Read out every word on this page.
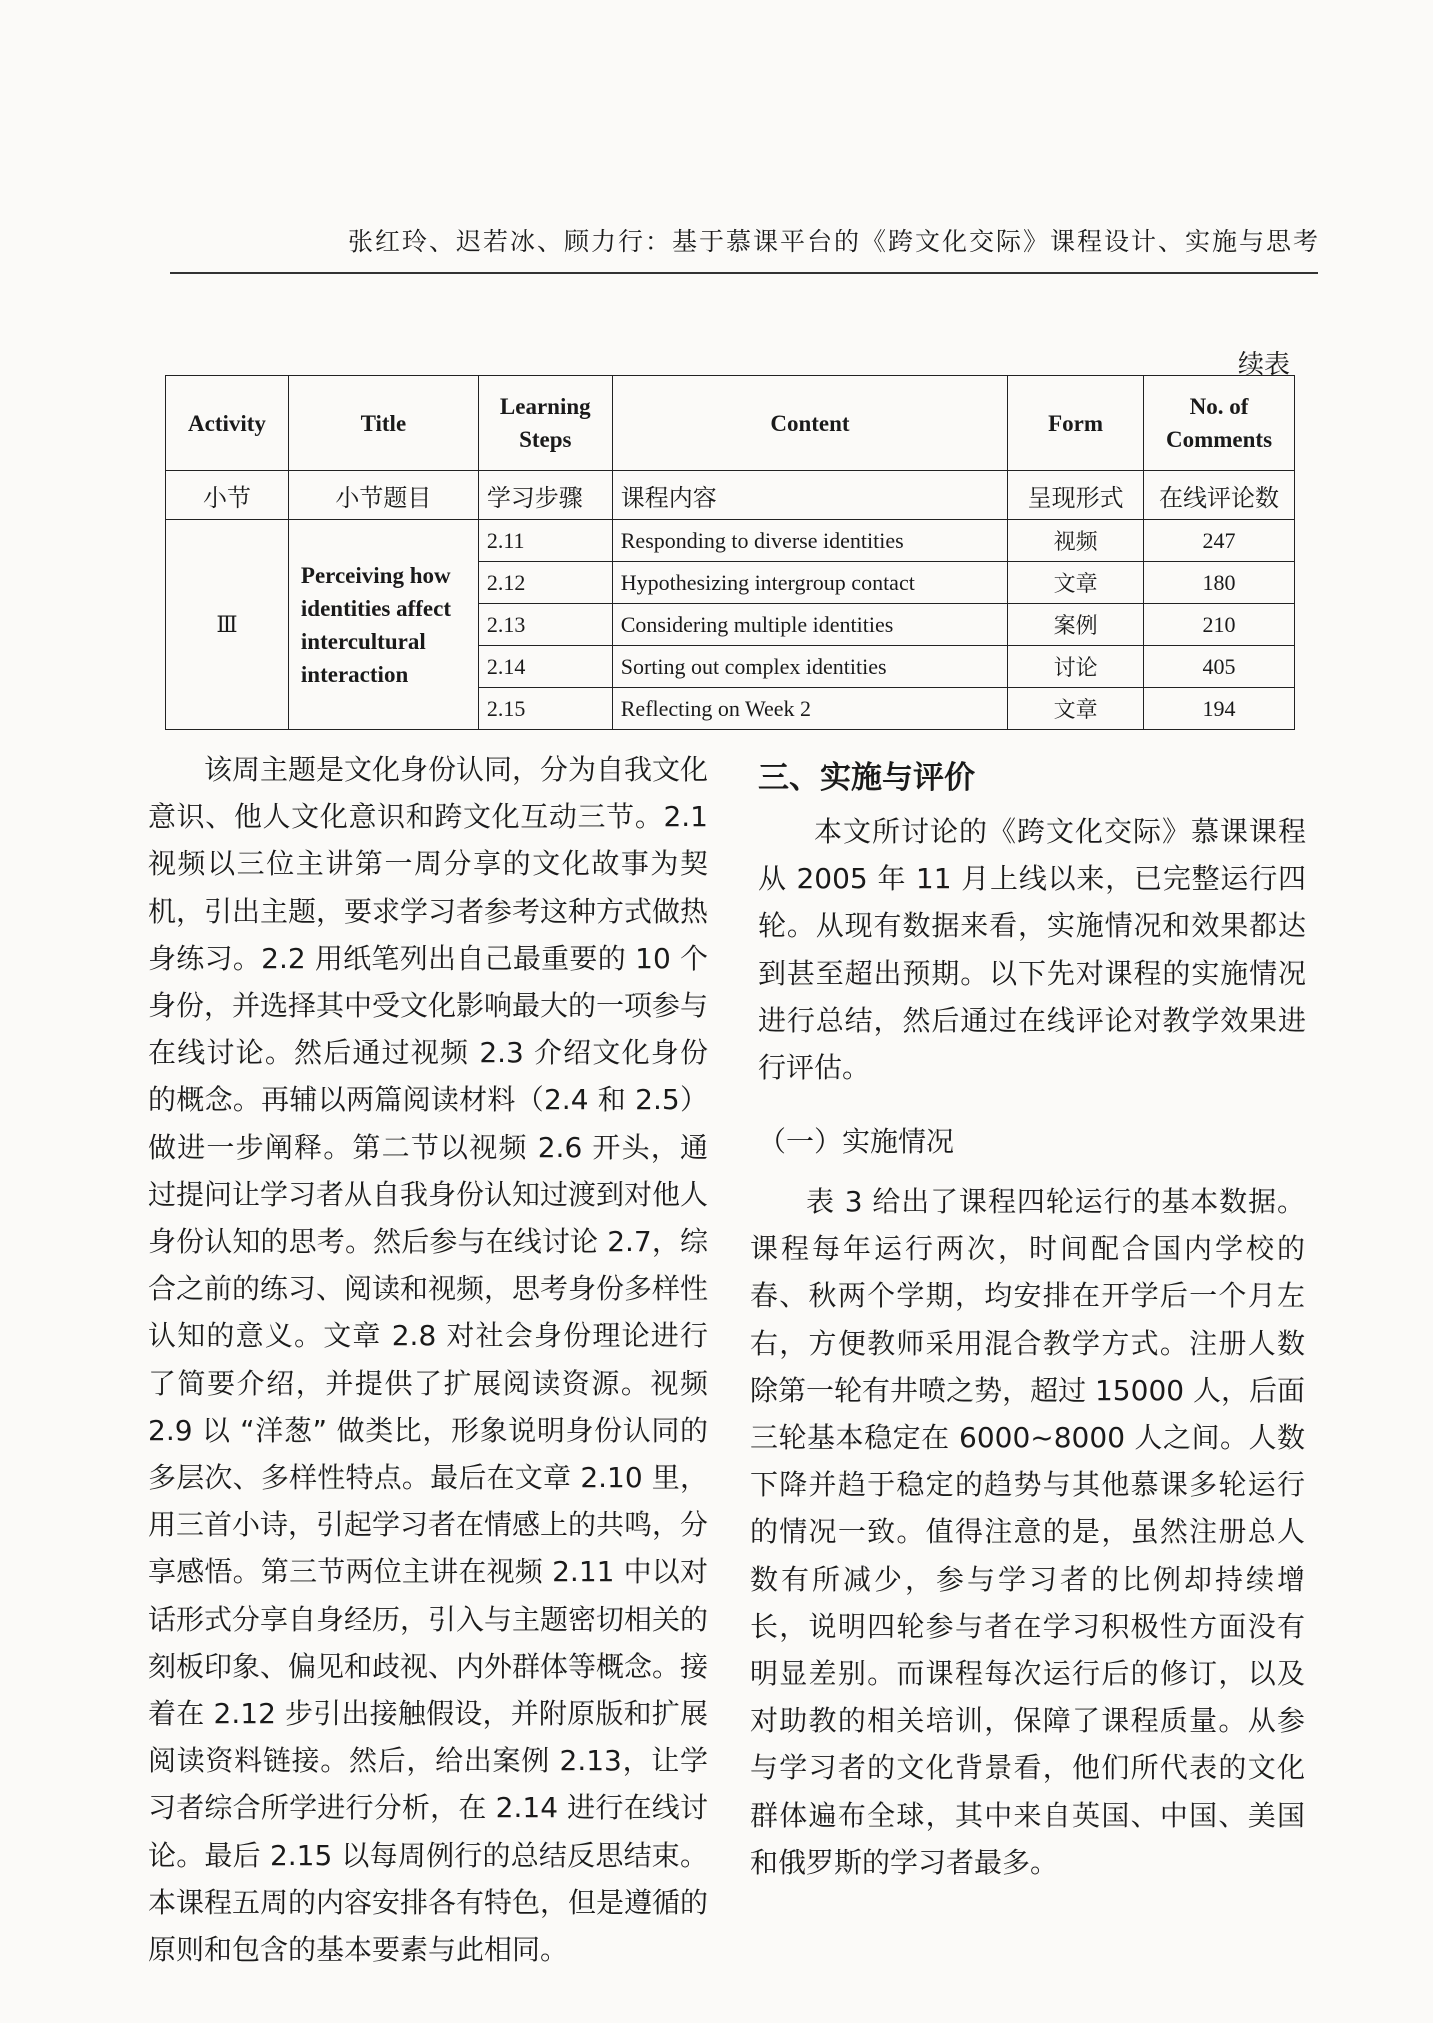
张红玲、迟若冰、顾力行：基于慕课平台的《跨文化交际》课程设计、实施与思考
续表
Activity	Title	Learning Steps	Content	Form	No. of Comments
小节	小节题目	学习步骤	课程内容	呈现形式	在线评论数
Ⅲ	Perceiving how identities affect intercultural interaction	2.11	Responding to diverse identities	视频	247
		2.12	Hypothesizing intergroup contact	文章	180
		2.13	Considering multiple identities	案例	210
		2.14	Sorting out complex identities	讨论	405
		2.15	Reflecting on Week 2	文章	194

该周主题是文化身份认同，分为自我文化意识、他人文化意识和跨文化互动三节。2.1 视频以三位主讲第一周分享的文化故事为契机，引出主题，要求学习者参考这种方式做热身练习。2.2 用纸笔列出自己最重要的 10 个身份，并选择其中受文化影响最大的一项参与在线讨论。然后通过视频 2.3 介绍文化身份的概念。再辅以两篇阅读材料（2.4 和 2.5）做进一步阐释。第二节以视频 2.6 开头，通过提问让学习者从自我身份认知过渡到对他人身份认知的思考。然后参与在线讨论 2.7，综合之前的练习、阅读和视频，思考身份多样性认知的意义。文章 2.8 对社会身份理论进行了简要介绍，并提供了扩展阅读资源。视频 2.9 以 “洋葱” 做类比，形象说明身份认同的多层次、多样性特点。最后在文章 2.10 里，用三首小诗，引起学习者在情感上的共鸣，分享感悟。第三节两位主讲在视频 2.11 中以对话形式分享自身经历，引入与主题密切相关的刻板印象、偏见和歧视、内外群体等概念。接着在 2.12 步引出接触假设，并附原版和扩展阅读资料链接。然后，给出案例 2.13，让学习者综合所学进行分析，在 2.14 进行在线讨论。最后 2.15 以每周例行的总结反思结束。本课程五周的内容安排各有特色，但是遵循的原则和包含的基本要素与此相同。

三、实施与评价

本文所讨论的《跨文化交际》慕课课程从 2005 年 11 月上线以来，已完整运行四轮。从现有数据来看，实施情况和效果都达到甚至超出预期。以下先对课程的实施情况进行总结，然后通过在线评论对教学效果进行评估。

（一）实施情况

表 3 给出了课程四轮运行的基本数据。课程每年运行两次，时间配合国内学校的春、秋两个学期，均安排在开学后一个月左右，方便教师采用混合教学方式。注册人数除第一轮有井喷之势，超过 15000 人，后面三轮基本稳定在 6000~8000 人之间。人数下降并趋于稳定的趋势与其他慕课多轮运行的情况一致。值得注意的是，虽然注册总人数有所减少，参与学习者的比例却持续增长，说明四轮参与者在学习积极性方面没有明显差别。而课程每次运行后的修订，以及对助教的相关培训，保障了课程质量。从参与学习者的文化背景看，他们所代表的文化群体遍布全球，其中来自英国、中国、美国和俄罗斯的学习者最多。
